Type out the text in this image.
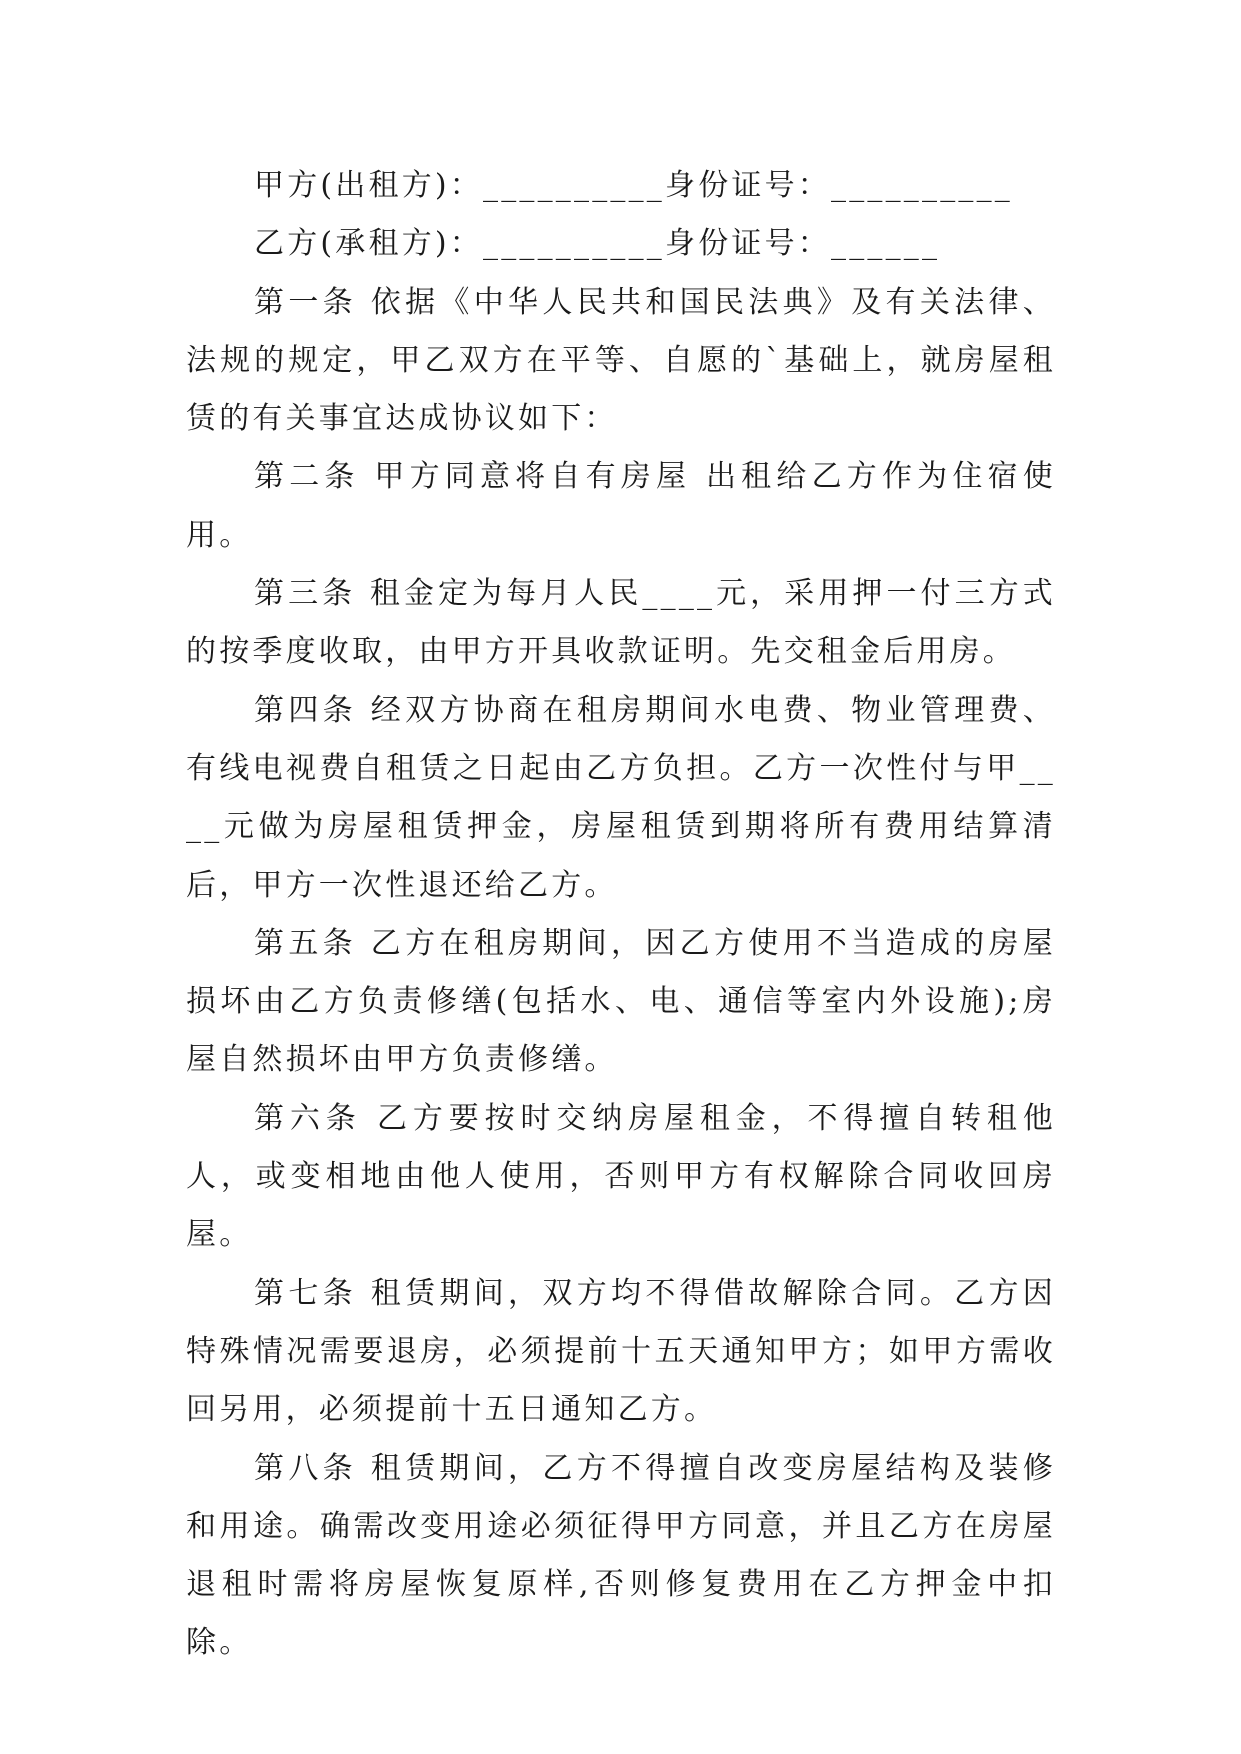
甲方(出租方)：__________身份证号：__________

乙方(承租方)：__________身份证号：______

第一条 依据《中华人民共和国民法典》及有关法律、法规的规定，甲乙双方在平等、自愿的`基础上，就房屋租赁的有关事宜达成协议如下：

第二条 甲方同意将自有房屋 出租给乙方作为住宿使用。

第三条 租金定为每月人民____元，采用押一付三方式的按季度收取，由甲方开具收款证明。先交租金后用房。

第四条 经双方协商在租房期间水电费、物业管理费、有线电视费自租赁之日起由乙方负担。乙方一次性付与甲____元做为房屋租赁押金，房屋租赁到期将所有费用结算清后，甲方一次性退还给乙方。

第五条 乙方在租房期间，因乙方使用不当造成的房屋损坏由乙方负责修缮(包括水、电、通信等室内外设施);房屋自然损坏由甲方负责修缮。

第六条 乙方要按时交纳房屋租金，不得擅自转租他人，或变相地由他人使用，否则甲方有权解除合同收回房屋。

第七条 租赁期间，双方均不得借故解除合同。乙方因特殊情况需要退房，必须提前十五天通知甲方；如甲方需收回另用，必须提前十五日通知乙方。

第八条 租赁期间，乙方不得擅自改变房屋结构及装修和用途。确需改变用途必须征得甲方同意，并且乙方在房屋退租时需将房屋恢复原样,否则修复费用在乙方押金中扣除。
